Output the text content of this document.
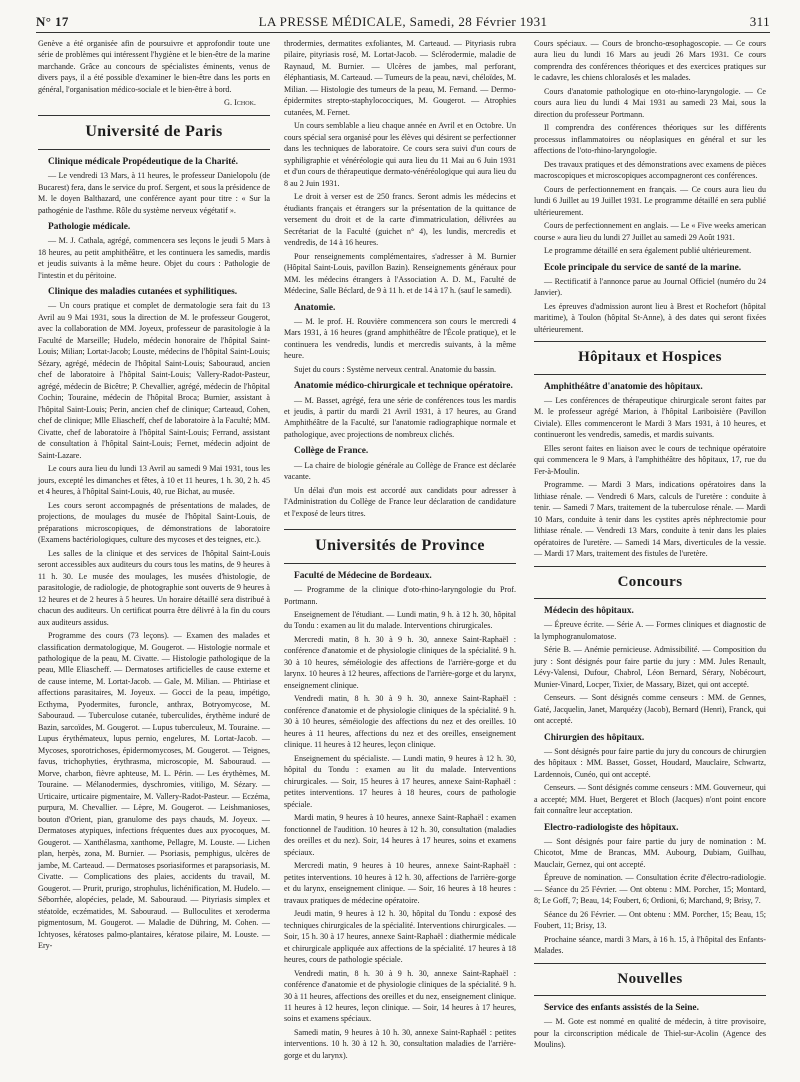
N° 17	LA PRESSE MÉDICALE, Samedi, 28 Février 1931	311

Genève a été organisée afin de poursuivre et approfondir toute une série de problèmes qui intéressent l'hygiène et le bien-être de la marine marchande. Grâce au concours de spécialistes éminents, venus de divers pays, il a été possible d'examiner le bien-être dans les ports en général, l'organisation médico-sociale et le bien-être à bord.

G. Ichok.
Université de Paris
Clinique médicale Propédeutique de la Charité.

— Le vendredi 13 Mars, à 11 heures, le professeur Danielopolu (de Bucarest) fera, dans le service du prof. Sergent, et sous la présidence de M. le doyen Balthazard, une conférence ayant pour titre : « Sur la pathogénie de l'asthme. Rôle du système nerveux végétatif ».

Pathologie médicale.

— M. J. Cathala, agrégé, commencera ses leçons le jeudi 5 Mars à 18 heures, au petit amphithéâtre, et les continuera les samedis, mardis et jeudis suivants à la même heure. Objet du cours : Pathologie de l'intestin et du péritoine.

Clinique des maladies cutanées et syphilitiques.

— Un cours pratique et complet de dermatologie sera fait du 13 Avril au 9 Mai 1931, sous la direction de M. le professeur Gougerot, avec la collaboration de MM. Joyeux, professeur de parasitologie à la Faculté de Marseille; Hudelo, médecin honoraire de l'hôpital Saint-Louis; Milian; Lortat-Jacob; Louste, médecins de l'hôpital Saint-Louis; Sézary, agrégé, médecin de l'hôpital Saint-Louis; Sabouraud, ancien chef de laboratoire à l'hôpital Saint-Louis; Vallery-Radot-Pasteur, agrégé, médecin de Bicêtre; P. Chevallier, agrégé, médecin de l'hôpital Cochin; Touraine, médecin de l'hôpital Broca; Burnier, assistant à l'hôpital Saint-Louis; Perin, ancien chef de clinique; Carteaud, Cohen, chef de clinique; Mlle Eliascheff, chef de laboratoire à la Faculté; MM. Civatte, chef de laboratoire à l'hôpital Saint-Louis; Ferrand, assistant de consultation à l'hôpital Saint-Louis; Fernet, médecin adjoint de Saint-Lazare.

Le cours aura lieu du lundi 13 Avril au samedi 9 Mai 1931, tous les jours, excepté les dimanches et fêtes, à 10 et 11 heures, 1 h. 30, 2 h. 45 et 4 heures, à l'hôpital Saint-Louis, 40, rue Bichat, au musée.

Les cours seront accompagnés de présentations de malades, de projections, de moulages du musée de l'hôpital Saint-Louis, de préparations microscopiques, de démonstrations de laboratoire (Examens bactériologiques, culture des mycoses et des teignes, etc.).

Les salles de la clinique et des services de l'hôpital Saint-Louis seront accessibles aux auditeurs du cours tous les matins, de 9 heures à 11 h. 30. Le musée des moulages, les musées d'histologie, de parasitologie, de radiologie, de photographie sont ouverts de 9 heures à 12 heures et de 2 heures à 5 heures. Un horaire détaillé sera distribué à chacun des auditeurs. Un certificat pourra être délivré à la fin du cours aux auditeurs assidus.

Programme des cours (73 leçons). — Examen des malades et classification dermatologique, M. Gougerot. — Histologie normale et pathologique de la peau, M. Civatte. — Histologie pathologique de la peau, Mlle Eliascheff. — Dermatoses artificielles de cause externe et de cause interne, M. Lortat-Jacob. — Gale, M. Milian. — Phtiriase et affections parasitaires, M. Joyeux. — Gocci de la peau, impétigo, Ecthyma, Pyodermites, furoncle, anthrax, Botryomycose, M. Sabouraud. — Tuberculose cutanée, tuberculides, érythème induré de Bazin, sarcoïdes, M. Gougerot. — Lupus tuberculeux, M. Touraine. — Lupus érythémateux, lupus pernio, engelures, M. Lortat-Jacob. — Mycoses, sporotrichoses, épidermomycoses, M. Gougerot. — Teignes, favus, trichophyties, érythrasma, microscopie, M. Sabouraud. — Morve, charbon, fièvre aphteuse, M. L. Périn. — Les érythèmes, M. Touraine. — Mélanodermies, dyschromies, vitiligo, M. Sézary. — Urticaire, urticaire pigmentaire, M. Vallery-Radot-Pasteur. — Eczéma, purpura, M. Chevallier. — Lèpre, M. Gougerot. — Leishmanioses, bouton d'Orient, pian, granulome des pays chauds, M. Joyeux. — Dermatoses atypiques, infections fréquentes dues aux pyocoques, M. Gougerot. — Xanthélasma, xanthome, Pellagre, M. Louste. — Lichen plan, herpès, zona, M. Burnier. — Psoriasis, pemphigus, ulcères de jambe, M. Carteaud. — Dermatoses psoriasiformes et parapsoriasis, M. Civatte. — Complications des plaies, accidents du travail, M. Gougerot. — Prurit, prurigo, strophulus, lichénification, M. Hudelo. — Séborrhée, alopécies, pelade, M. Sabouraud. — Pityriasis simplex et stéatoïde, eczématides, M. Sabouraud. — Bulloculites et xeroderma pigmentosum, M. Gougerot. — Maladie de Dühring, M. Cohen. — Ichtyoses, kératoses palmo-plantaires, kératose pilaire, M. Louste. — Ery-

throdermies, dermatites exfoliantes, M. Carteaud. — Pityriasis rubra pilaire, pityriasis rosé, M. Lortat-Jacob. — Sclérodermie, maladie de Raynaud, M. Burnier. — Ulcères de jambes, mal perforant, éléphantiasis, M. Carteaud. — Tumeurs de la peau, nævi, chéloïdes, M. Milian. — Histologie des tumeurs de la peau, M. Fernand. — Dermo-épidermites strepto-staphylococciques, M. Gougerot. — Atrophies cutanées, M. Fernet.

Un cours semblable a lieu chaque année en Avril et en Octobre. Un cours spécial sera organisé pour les élèves qui désirent se perfectionner dans les techniques de laboratoire. Ce cours sera suivi d'un cours de syphiligraphie et vénéréologie qui aura lieu du 11 Mai au 6 Juin 1931 et d'un cours de thérapeutique dermato-vénéréologique qui aura lieu du 8 au 2 Juin 1931.

Le droit à verser est de 250 francs. Seront admis les médecins et étudiants français et étrangers sur la présentation de la quittance de versement du droit et de la carte d'immatriculation, délivrées au Secrétariat de la Faculté (guichet n° 4), les lundis, mercredis et vendredis, de 14 à 16 heures.

Pour renseignements complémentaires, s'adresser à M. Burnier (Hôpital Saint-Louis, pavillon Bazin). Renseignements généraux pour MM. les médecins étrangers à l'Association A. D. M., Faculté de Médecine, Salle Béclard, de 9 à 11 h. et de 14 à 17 h. (sauf le samedi).

Anatomie.

— M. le prof. H. Rouvière commencera son cours le mercredi 4 Mars 1931, à 16 heures (grand amphithéâtre de l'École pratique), et le continuera les vendredis, lundis et mercredis suivants, à la même heure.

Sujet du cours : Système nerveux central. Anatomie du bassin.

Anatomie médico-chirurgicale et technique opératoire.

— M. Basset, agrégé, fera une série de conférences tous les mardis et jeudis, à partir du mardi 21 Avril 1931, à 17 heures, au Grand Amphithéâtre de la Faculté, sur l'anatomie radiographique normale et pathologique, avec projections de nombreux clichés.

Collège de France.

— La chaire de biologie générale au Collège de France est déclarée vacante.

Un délai d'un mois est accordé aux candidats pour adresser à l'Administration du Collège de France leur déclaration de candidature et l'exposé de leurs titres.

Universités de Province
Faculté de Médecine de Bordeaux.

— Programme de la clinique d'oto-rhino-laryngologie du Prof. Portmann.

Enseignement de l'étudiant. — Lundi matin, 9 h. à 12 h. 30, hôpital du Tondu : examen au lit du malade. Interventions chirurgicales.

Mercredi matin, 8 h. 30 à 9 h. 30, annexe Saint-Raphaël : conférence d'anatomie et de physiologie cliniques de la spécialité. 9 h. 30 à 10 heures, séméiologie des affections de l'arrière-gorge et du larynx. 10 heures à 12 heures, affections de l'arrière-gorge et du larynx, enseignement clinique.

Vendredi matin, 8 h. 30 à 9 h. 30, annexe Saint-Raphaël : conférence d'anatomie et de physiologie cliniques de la spécialité. 9 h. 30 à 10 heures, séméiologie des affections du nez et des oreilles. 10 heures à 11 heures, affections du nez et des oreilles, enseignement clinique. 11 heures à 12 heures, leçon clinique.

Enseignement du spécialiste. — Lundi matin, 9 heures à 12 h. 30, hôpital du Tondu : examen au lit du malade. Interventions chirurgicales. — Soir, 15 heures à 17 heures, annexe Saint-Raphaël : petites interventions. 17 heures à 18 heures, cours de pathologie spéciale.

Mardi matin, 9 heures à 10 heures, annexe Saint-Raphaël : examen fonctionnel de l'audition. 10 heures à 12 h. 30, consultation (maladies des oreilles et du nez). Soir, 14 heures à 17 heures, soins et examens spéciaux.

Mercredi matin, 9 heures à 10 heures, annexe Saint-Raphaël : petites interventions. 10 heures à 12 h. 30, affections de l'arrière-gorge et du larynx, enseignement clinique. — Soir, 16 heures à 18 heures : travaux pratiques de médecine opératoire.

Jeudi matin, 9 heures à 12 h. 30, hôpital du Tondu : exposé des techniques chirurgicales de la spécialité. Interventions chirurgicales. — Soir, 15 h. 30 à 17 heures, annexe Saint-Raphaël : diathermie médicale et chirurgicale appliquée aux affections de la spécialité. 17 heures à 18 heures, cours de pathologie spéciale.

Vendredi matin, 8 h. 30 à 9 h. 30, annexe Saint-Raphaël : conférence d'anatomie et de physiologie cliniques de la spécialité. 9 h. 30 à 11 heures, affections des oreilles et du nez, enseignement clinique. 11 heures à 12 heures, leçon clinique. — Soir, 14 heures à 17 heures, soins et examens spéciaux.

Samedi matin, 9 heures à 10 h. 30, annexe Saint-Raphaël : petites interventions. 10 h. 30 à 12 h. 30, consultation maladies de l'arrière-gorge et du larynx).

Cours spéciaux. — Cours de broncho-œsophagoscopie. — Ce cours aura lieu du lundi 16 Mars au jeudi 26 Mars 1931. Ce cours comprendra des conférences théoriques et des exercices pratiques sur le cadavre, les chiens chloralosés et les malades.

Cours d'anatomie pathologique en oto-rhino-laryngologie. — Ce cours aura lieu du lundi 4 Mai 1931 au samedi 23 Mai, sous la direction du professeur Portmann.

Il comprendra des conférences théoriques sur les différents processus inflammatoires ou néoplasiques en général et sur les affections de l'oto-rhino-laryngologie.

Des travaux pratiques et des démonstrations avec examens de pièces macroscopiques et microscopiques accompagneront ces conférences.

Cours de perfectionnement en français. — Ce cours aura lieu du lundi 6 Juillet au 19 Juillet 1931. Le programme détaillé en sera publié ultérieurement.

Cours de perfectionnement en anglais. — Le « Five weeks american course » aura lieu du lundi 27 Juillet au samedi 29 Août 1931.

Le programme détaillé en sera également publié ultérieurement.

Ecole principale du service de santé de la marine.

— Rectificatif à l'annonce parue au Journal Officiel (numéro du 24 Janvier).

Les épreuves d'admission auront lieu à Brest et Rochefort (hôpital maritime), à Toulon (hôpital St-Anne), à des dates qui seront fixées ultérieurement.

Hôpitaux et Hospices
Amphithéâtre d'anatomie des hôpitaux.

— Les conférences de thérapeutique chirurgicale seront faites par M. le professeur agrégé Marion, à l'hôpital Lariboisière (Pavillon Civiale). Elles commenceront le Mardi 3 Mars 1931, à 10 heures, et continueront les vendredis, samedis, et mardis suivants.

Elles seront faites en liaison avec le cours de technique opératoire qui commencera le 9 Mars, à l'amphithéâtre des hôpitaux, 17, rue du Fer-à-Moulin.

Programme. — Mardi 3 Mars, indications opératoires dans la lithiase rénale. — Vendredi 6 Mars, calculs de l'uretère : conduite à tenir. — Samedi 7 Mars, traitement de la tuberculose rénale. — Mardi 10 Mars, conduite à tenir dans les cystites après néphrectomie pour lithiase rénale. — Vendredi 13 Mars, conduite à tenir dans les plaies opératoires de l'uretère. — Samedi 14 Mars, diverticules de la vessie. — Mardi 17 Mars, traitement des fistules de l'uretère.

Concours
Médecin des hôpitaux.

— Épreuve écrite. — Série A. — Formes cliniques et diagnostic de la lymphogranulomatose.

Série B. — Anémie pernicieuse. Admissibilité. — Composition du jury : Sont désignés pour faire partie du jury : MM. Jules Renault, Lévy-Valensi, Dufour, Chabrol, Léon Bernard, Sérary, Nobécourt, Munier-Vinard, Locper, Tixier, de Massary, Bizet, qui ont accepté.

Censeurs. — Sont désignés comme censeurs : MM. de Gennes, Gaté, Jacquelin, Janet, Marquézy (Jacob), Bernard (Henri), Franck, qui ont accepté.

Chirurgien des hôpitaux.

— Sont désignés pour faire partie du jury du concours de chirurgien des hôpitaux : MM. Basset, Gosset, Houdard, Mauclaire, Schwartz, Lardennois, Cunéo, qui ont accepté.

Censeurs. — Sont désignés comme censeurs : MM. Gouverneur, qui a accepté; MM. Huet, Bergeret et Bloch (Jacques) n'ont point encore fait connaître leur acceptation.

Electro-radiologiste des hôpitaux.

— Sont désignés pour faire partie du jury de nomination : M. Chicotot, Mme de Brancas, MM. Aubourg, Dubiam, Guilhau, Mauclair, Gernez, qui ont accepté.

Épreuve de nomination. — Consultation écrite d'électro-radiologie. — Séance du 25 Février. — Ont obtenu : MM. Porcher, 15; Montard, 8; Le Goff, 7; Beau, 14; Foubert, 6; Ordioni, 6; Marchand, 9; Brisy, 7.

Séance du 26 Février. — Ont obtenu : MM. Porcher, 15; Beau, 15; Foubert, 11; Brisy, 13.

Prochaine séance, mardi 3 Mars, à 16 h. 15, à l'hôpital des Enfants-Malades.

Nouvelles
Service des enfants assistés de la Seine.

— M. Gote est nommé en qualité de médecin, à titre provisoire, pour la circonscription médicale de Thiel-sur-Acolin (Agence des Moulins).
